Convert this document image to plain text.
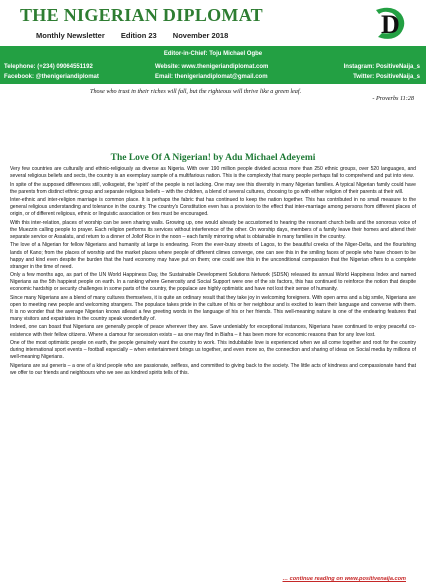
THE NIGERIAN DIPLOMAT	D
Monthly Newsletter Edition 23 November 2018
Editor-in-Chief: Toju Michael Ogbe
Telephone: (+234) 09064551192	Website: www.thenigeriandiplomat.com	Instagram: PositiveNaija_s
Facebook: @thenigeriandiplomat	Email: thenigeriandiplomat@gmail.com	Twitter: PositiveNaija_s
Those who trust in their riches will fall, but the righteous will thrive like a green leaf.
- Proverbs 11:28
The Love Of A Nigerian! by Adu Michael Adeyemi

Very few countries are culturally and ethnic-religiously as diverse as Nigeria. With over 190 million people divided across more than 250 ethnic groups, over 520 languages, and several religious beliefs and sects, the country is an exemplary sample of a multifarious nation. This is the complexity that many people perhaps fail to comprehend and put into view.

In spite of the supposed differences still, volksgeist, the 'spirit' of the people is not lacking. One may see this diversity in many Nigerian families. A typical Nigerian family could have the parents from distinct ethnic group and separate religious beliefs – with the children, a blend of several cultures, choosing to go with either religion of their parents at their will.

Inter-ethnic and inter-religion marriage is common place. It is perhaps the fabric that has continued to keep the nation together. This has contributed in no small measure to the general religious understanding and tolerance in the country. The country's Constitution even has a provision to the effect that inter-marriage among persons from different places of origin, or of different religious, ethnic or linguistic association or ties must be encouraged.

With this inter-relation, places of worship can be seen sharing walls. Growing up, one would already be accustomed to hearing the resonant church bells and the sonorous voice of the Muezzin calling people to prayer. Each religion performs its services without interference of the other. On worship days, members of a family leave their homes and attend their separate service or Assalatu, and return to a dinner of Jollof Rice in the noon – each family mirroring what is obtainable in many families in the country.

The love of a Nigerian for fellow Nigerians and humanity at large is endearing. From the ever-busy streets of Lagos, to the beautiful creeks of the Niger-Delta, and the flourishing lands of Kano; from the places of worship and the market places where people of different climes converge, one can see this in the smiling faces of people who have chosen to be happy and kind even despite the burden that the hard economy may have put on them; one could see this in the unconditional compassion that the Nigerian offers to a complete stranger in the time of need.

Only a few months ago, as part of the UN World Happiness Day, the Sustainable Development Solutions Network (SDSN) released its annual World Happiness Index and named Nigerians as the 5th happiest people on earth. In a ranking where Generosity and Social Support were one of the six factors, this has continued to reinforce the notion that despite economic hardship or security challenges in some parts of the country, the populace are highly optimistic and have not lost their sense of humanity.

Since many Nigerians are a blend of many cultures themselves, it is quite an ordinary result that they take joy in welcoming foreigners. With open arms and a big smile, Nigerians are open to meeting new people and welcoming strangers. The populace takes pride in the culture of his or her neighbour and is excited to learn their language and converse with them. It is no wonder that the average Nigerian knows atleast a few greeting words in the language of his or her friends. This well-meaning nature is one of the endearing features that many visitors and expatriates in the country speak wonderfully of.

Indeed, one can boast that Nigerians are generally people of peace wherever they are. Save undeniably for exceptional instances, Nigerians have continued to enjoy peaceful co-existence with their fellow citizens. Where a clamour for secession exists – as one may find in Biafra – it has been more for economic reasons than for any love lost.

One of the most optimistic people on earth, the people genuinely want the country to work. This indubitable love is experienced when we all come together and root for the country during international sport events – football especially – when entertainment brings us together, and even more so, the connection and sharing of ideas on Social media by millions of well-meaning Nigerians.

Nigerians are sui generis – a one of a kind people who are passionate, selfless, and committed to giving back to the society. The little acts of kindness and compassionate hand that we offer to our friends and neighbours who we see as kindred spirits tells of this.

… continue reading on www.positivenaija.com
